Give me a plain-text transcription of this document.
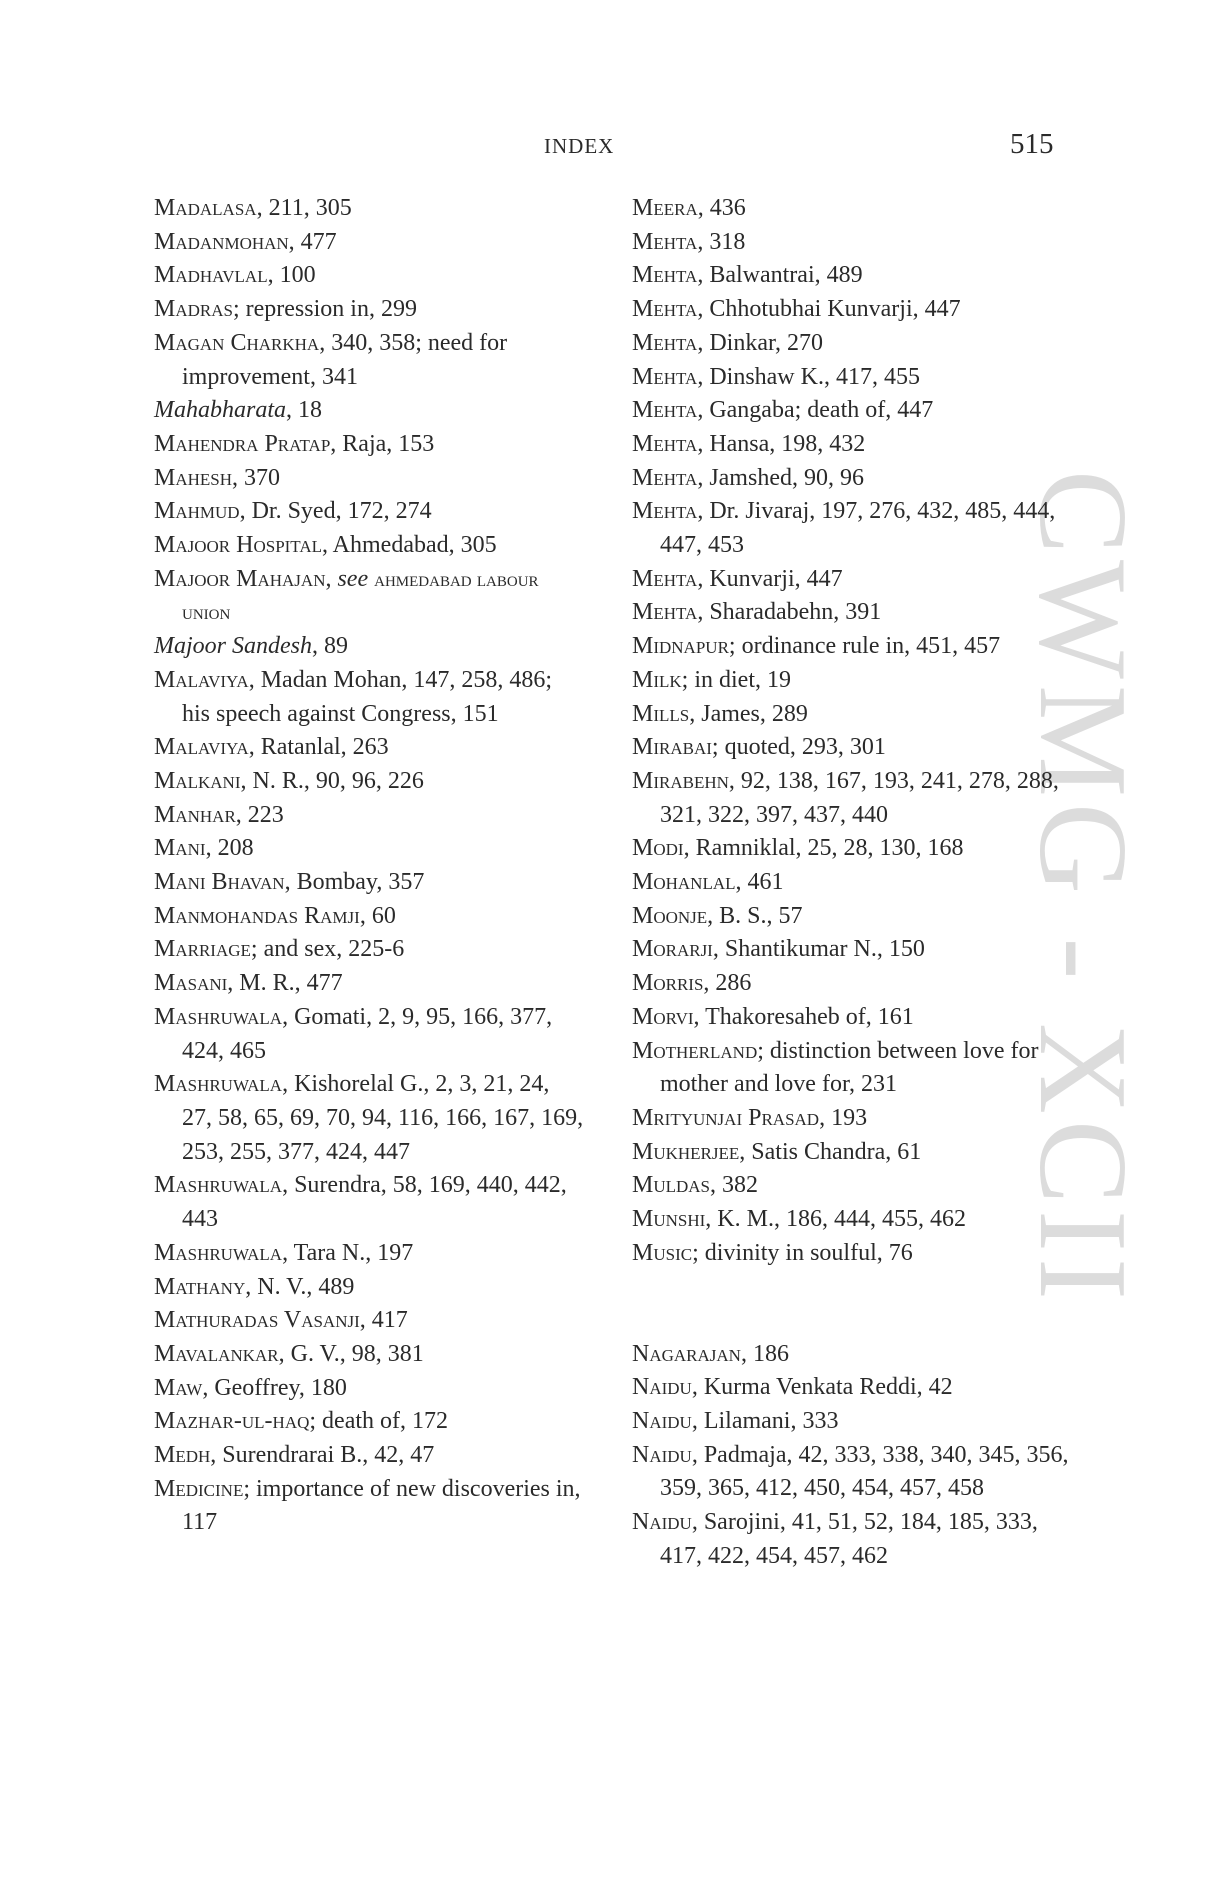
INDEX	515
CWMG - XCII
Madalasa, 211, 305
Madanmohan, 477
Madhavlal, 100
Madras; repression in, 299
Magan Charkha, 340, 358; need for improvement, 341
Mahabharata, 18
Mahendra Pratap, Raja, 153
Mahesh, 370
Mahmud, Dr. Syed, 172, 274
Majoor Hospital, Ahmedabad, 305
Majoor Mahajan, see ahmedabad labour union
Majoor Sandesh, 89
Malaviya, Madan Mohan, 147, 258, 486; his speech against Congress, 151
Malaviya, Ratanlal, 263
Malkani, N. R., 90, 96, 226
Manhar, 223
Mani, 208
Mani Bhavan, Bombay, 357
Manmohandas Ramji, 60
Marriage; and sex, 225-6
Masani, M. R., 477
Mashruwala, Gomati, 2, 9, 95, 166, 377, 424, 465
Mashruwala, Kishorelal G., 2, 3, 21, 24, 27, 58, 65, 69, 70, 94, 116, 166, 167, 169, 253, 255, 377, 424, 447
Mashruwala, Surendra, 58, 169, 440, 442, 443
Mashruwala, Tara N., 197
Mathany, N. V., 489
Mathuradas Vasanji, 417
Mavalankar, G. V., 98, 381
Maw, Geoffrey, 180
Mazhar-ul-haq; death of, 172
Medh, Surendrarai B., 42, 47
Medicine; importance of new discoveries in, 117
Meera, 436
Mehta, 318
Mehta, Balwantrai, 489
Mehta, Chhotubhai Kunvarji, 447
Mehta, Dinkar, 270
Mehta, Dinshaw K., 417, 455
Mehta, Gangaba; death of, 447
Mehta, Hansa, 198, 432
Mehta, Jamshed, 90, 96
Mehta, Dr. Jivaraj, 197, 276, 432, 485, 444, 447, 453
Mehta, Kunvarji, 447
Mehta, Sharadabehn, 391
Midnapur; ordinance rule in, 451, 457
Milk; in diet, 19
Mills, James, 289
Mirabai; quoted, 293, 301
Mirabehn, 92, 138, 167, 193, 241, 278, 288, 321, 322, 397, 437, 440
Modi, Ramniklal, 25, 28, 130, 168
Mohanlal, 461
Moonje, B. S., 57
Morarji, Shantikumar N., 150
Morris, 286
Morvi, Thakoresaheb of, 161
Motherland; distinction between love for mother and love for, 231
Mrityunjai Prasad, 193
Mukherjee, Satis Chandra, 61
Muldas, 382
Munshi, K. M., 186, 444, 455, 462
Music; divinity in soulful, 76
Nagarajan, 186
Naidu, Kurma Venkata Reddi, 42
Naidu, Lilamani, 333
Naidu, Padmaja, 42, 333, 338, 340, 345, 356, 359, 365, 412, 450, 454, 457, 458
Naidu, Sarojini, 41, 51, 52, 184, 185, 333, 417, 422, 454, 457, 462
